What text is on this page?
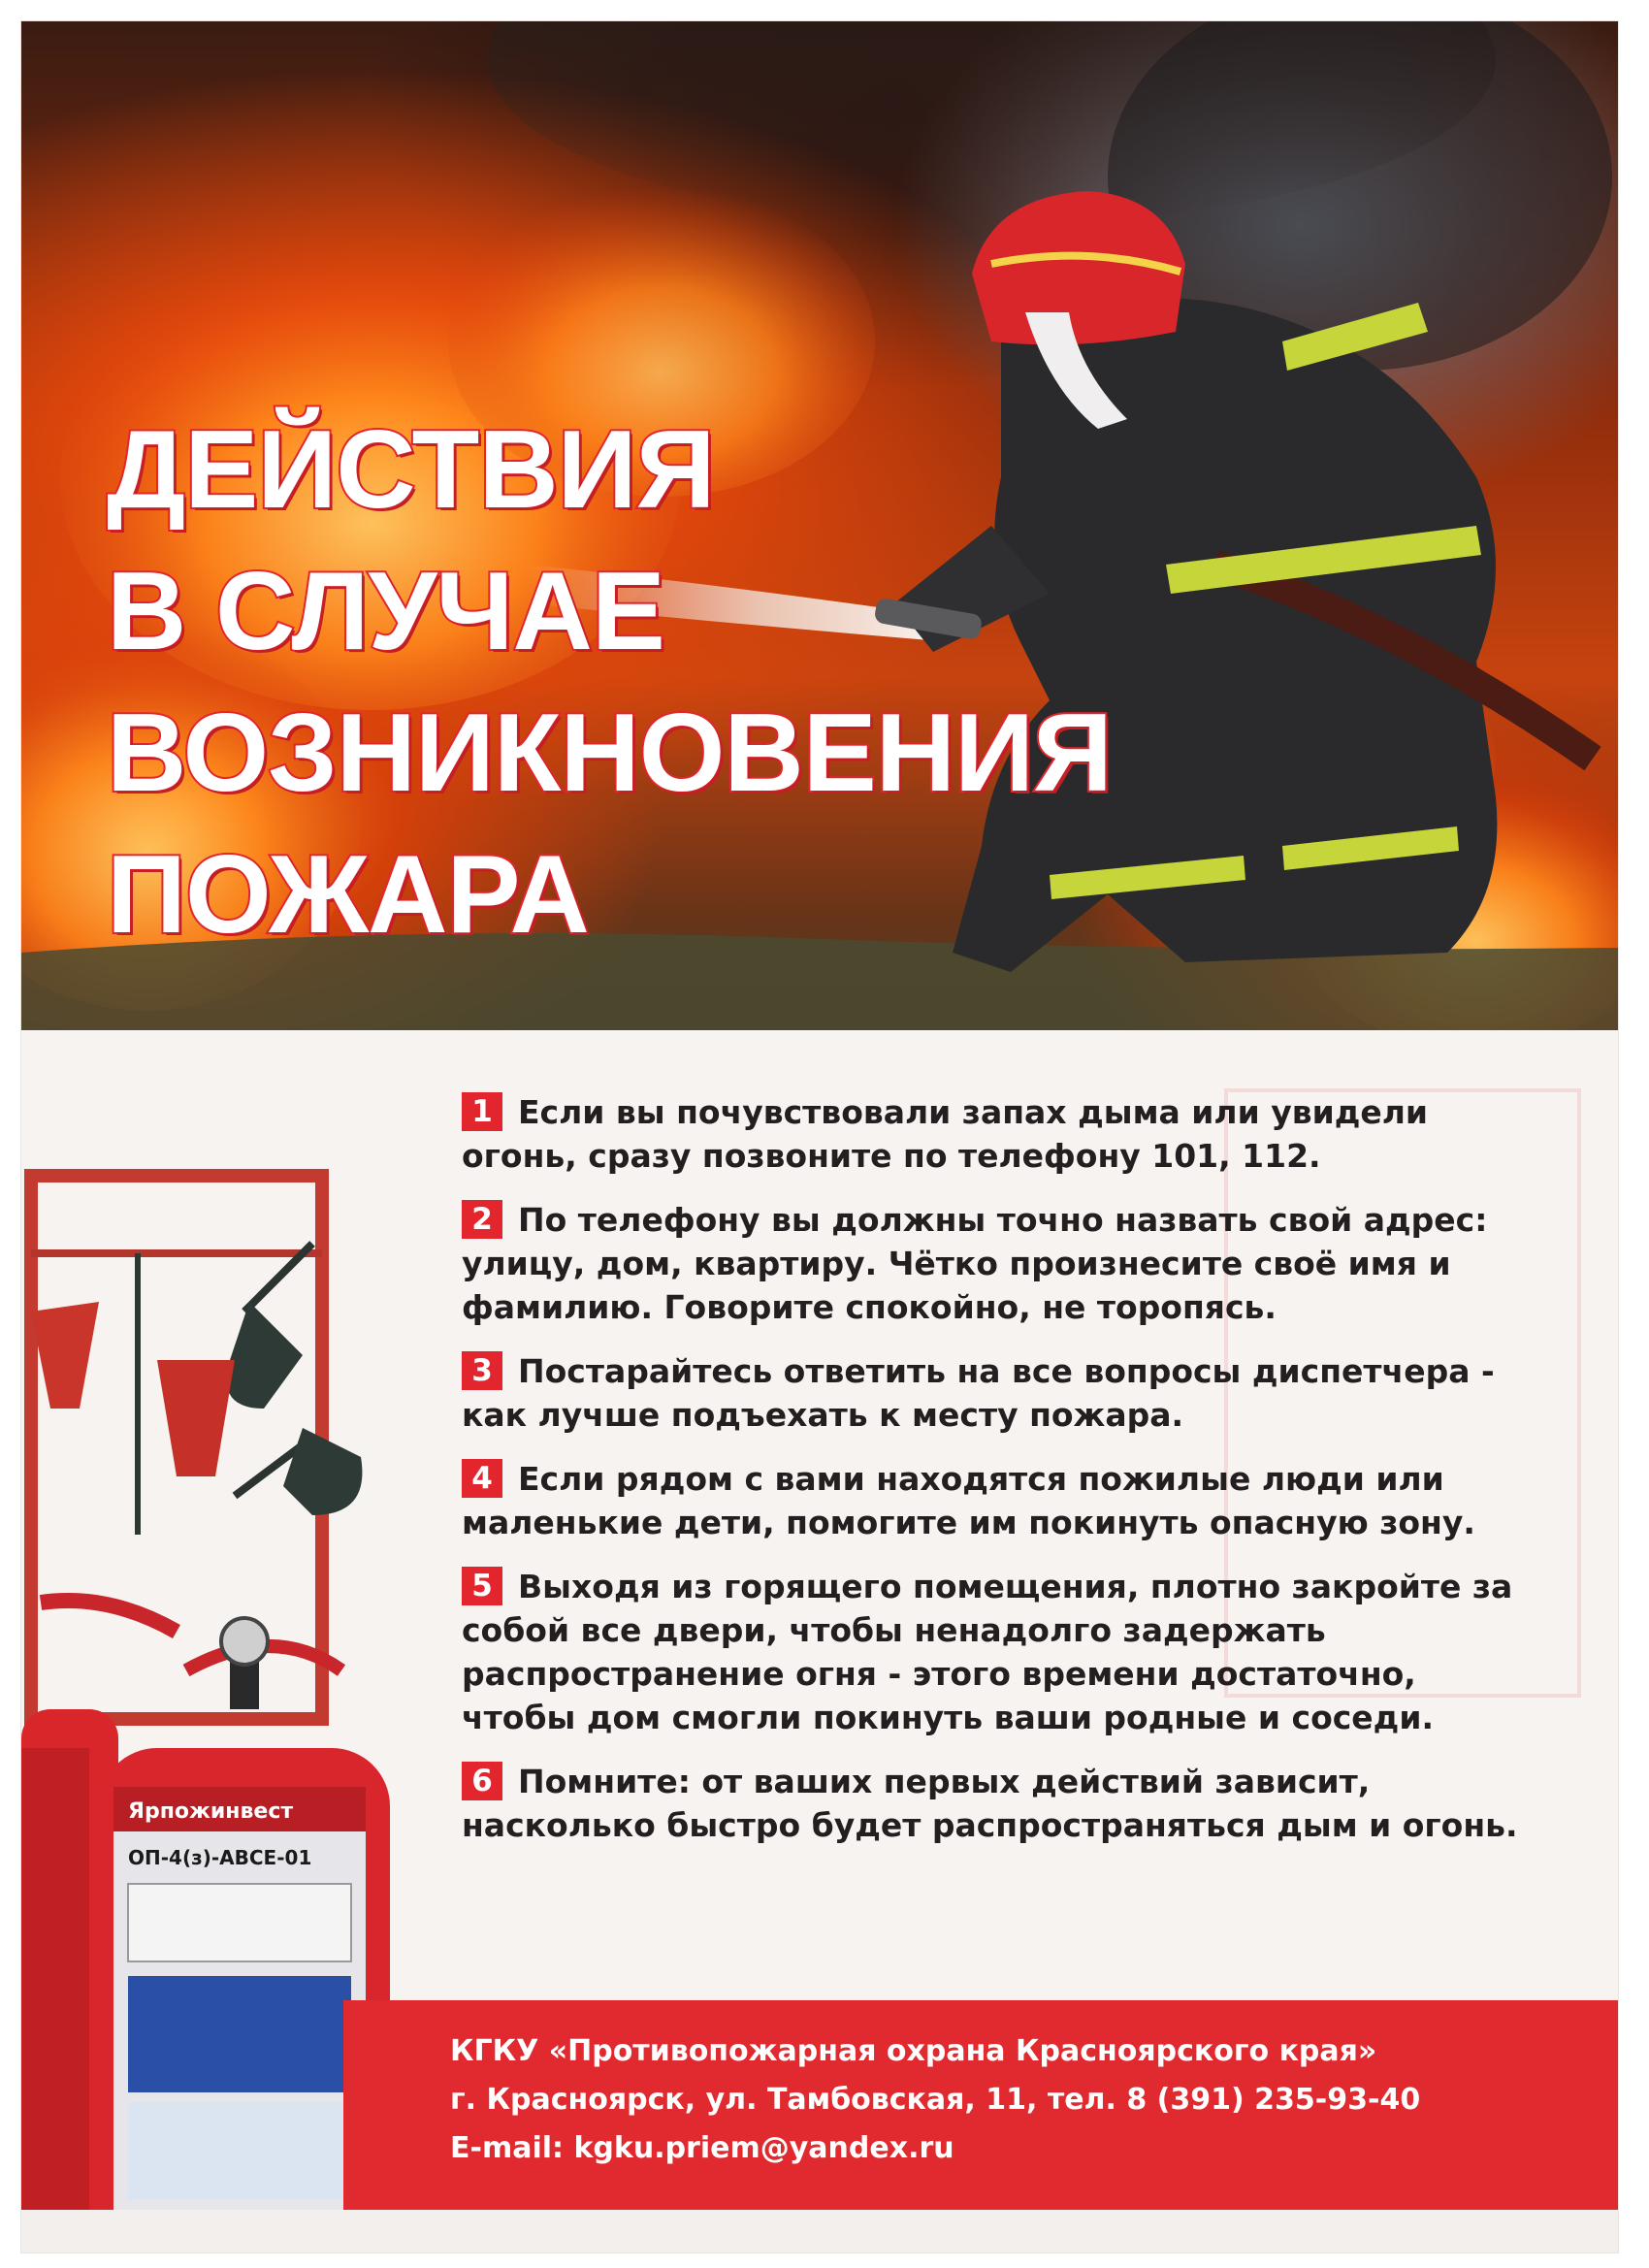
ДЕЙСТВИЯ
В СЛУЧАЕ
ВОЗНИКНОВЕНИЯ
ПОЖАРА
1 Если вы почувствовали запах дыма или увидели огонь, сразу позвоните по телефону 101, 112.
2 По телефону вы должны точно назвать свой адрес: улицу, дом, квартиру. Чётко произнесите своё имя и фамилию. Говорите спокойно, не торопясь.
3 Постарайтесь ответить на все вопросы диспетчера - как лучше подъехать к месту пожара.
4 Если рядом с вами находятся пожилые люди или маленькие дети, помогите им покинуть опасную зону.
5 Выходя из горящего помещения, плотно закройте за собой все двери, чтобы ненадолго задержать распространение огня - этого времени достаточно, чтобы дом смогли покинуть ваши родные и соседи.
6 Помните: от ваших первых действий зависит, насколько быстро будет распространяться дым и огонь.
Ярпожинвест
ОП-4(з)-АВСЕ-01
КГКУ «Противопожарная охрана Красноярского края»
г. Красноярск, ул. Тамбовская, 11, тел. 8 (391) 235-93-40
E-mail: kgku.priem@yandex.ru
